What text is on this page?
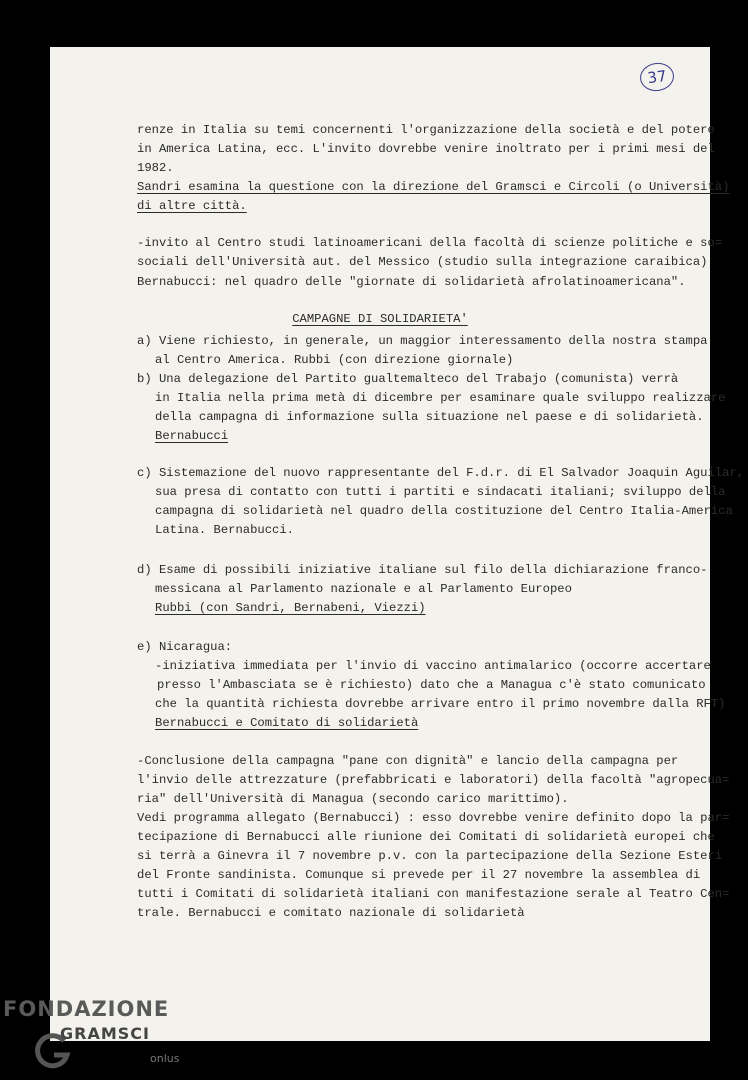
37
renze in Italia su temi concernenti l'organizzazione della società e del potere
in America Latina, ecc. L'invito dovrebbe venire inoltrato per i primi mesi del
1982.
Sandri esamina la questione con la direzione del Gramsci e Circoli (o Università)
di altre città.
-invito al Centro studi latinoamericani della facoltà di scienze politiche e so=
sociali dell'Università aut. del Messico (studio sulla integrazione caraibica)
Bernabucci: nel quadro delle "giornate di solidarietà afrolatinoamericana".
CAMPAGNE DI SOLIDARIETA'
a) Viene richiesto, in generale, un maggior interessamento della nostra stampa
al Centro America. Rubbi (con direzione giornale)
b) Una delegazione del Partito gualtemalteco del Trabajo (comunista) verrà
in Italia nella prima metà di dicembre per esaminare quale sviluppo realizzare
della campagna di informazione sulla situazione nel paese e di solidarietà.
Bernabucci
c) Sistemazione del nuovo rappresentante del F.d.r. di El Salvador Joaquin Aguilar,
sua presa di contatto con tutti i partiti e sindacati italiani; sviluppo della
campagna di solidarietà nel quadro della costituzione del Centro Italia-America
Latina. Bernabucci.
d) Esame di possibili iniziative italiane sul filo della dichiarazione franco-
messicana al Parlamento nazionale e al Parlamento Europeo
Rubbi (con Sandri, Bernabeni, Viezzi)
e) Nicaragua:
-iniziativa immediata per l'invio di vaccino antimalarico (occorre accertare
presso l'Ambasciata se è richiesto) dato che a Managua c'è stato comunicato
che la quantità richiesta dovrebbe arrivare entro il primo novembre dalla RFT)
Bernabucci e Comitato di solidarietà
-Conclusione della campagna "pane con dignità" e lancio della campagna per
l'invio delle attrezzature (prefabbricati e laboratori) della facoltà "agropecua=
ria" dell'Università di Managua (secondo carico marittimo).
Vedi programma allegato (Bernabucci) : esso dovrebbe venire definito dopo la par=
tecipazione di Bernabucci alle riunione dei Comitati di solidarietà europei che
si terrà a Ginevra il 7 novembre p.v. con la partecipazione della Sezione Esteri
del Fronte sandinista. Comunque si prevede per il 27 novembre la assemblea di
tutti i Comitati di solidarietà italiani con manifestazione serale al Teatro Cen=
trale. Bernabucci e comitato nazionale di solidarietà
FONDAZIONE
GRAMSCI
onlus
